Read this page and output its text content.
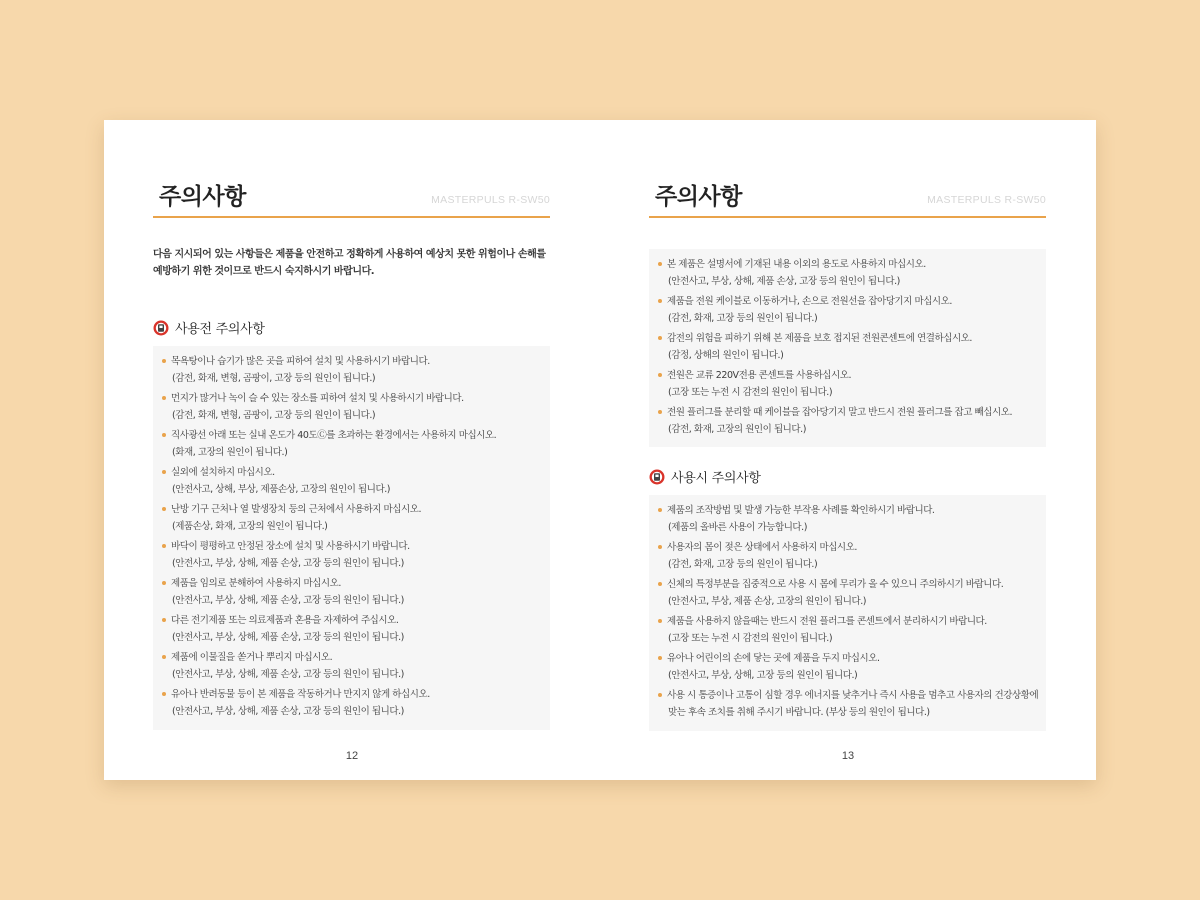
주의사항	MASTERPULS R-SW50
다음 지시되어 있는 사항들은 제품을 안전하고 정확하게 사용하여 예상치 못한 위험이나 손해를 예방하기 위한 것이므로 반드시 숙지하시기 바랍니다.
사용전 주의사항
목욕탕이나 습기가 많은 곳을 피하여 설치 및 사용하시기 바랍니다.
(감전, 화재, 변형, 곰팡이, 고장 등의 원인이 됩니다.)
먼지가 많거나 녹이 슬 수 있는 장소를 피하여 설치 및 사용하시기 바랍니다.
(감전, 화재, 변형, 곰팡이, 고장 등의 원인이 됩니다.)
직사광선 아래 또는 실내 온도가 40도Ⓒ를 초과하는 환경에서는 사용하지 마십시오.
(화재, 고장의 원인이 됩니다.)
실외에 설치하지 마십시오.
(안전사고, 상해, 부상, 제품손상, 고장의 원인이 됩니다.)
난방 기구 근처나 열 발생장치 등의 근처에서 사용하지 마십시오.
(제품손상, 화재, 고장의 원인이 됩니다.)
바닥이 평평하고 안정된 장소에 설치 및 사용하시기 바랍니다.
(안전사고, 부상, 상해, 제품 손상, 고장 등의 원인이 됩니다.)
제품을 임의로 분해하여 사용하지 마십시오.
(안전사고, 부상, 상해, 제품 손상, 고장 등의 원인이 됩니다.)
다른 전기제품 또는 의료제품과 혼용을 자제하여 주십시오.
(안전사고, 부상, 상해, 제품 손상, 고장 등의 원인이 됩니다.)
제품에 이물질을 쏟거나 뿌리지 마십시오.
(안전사고, 부상, 상해, 제품 손상, 고장 등의 원인이 됩니다.)
유아나 반려동물 등이 본 제품을 작동하거나 만지지 않게 하십시오.
(안전사고, 부상, 상해, 제품 손상, 고장 등의 원인이 됩니다.)
12
주의사항	MASTERPULS R-SW50
본 제품은 설명서에 기재된 내용 이외의 용도로 사용하지 마십시오.
(안전사고, 부상, 상해, 제품 손상, 고장 등의 원인이 됩니다.)
제품을 전원 케이블로 이동하거나, 손으로 전원선을 잡아당기지 마십시오.
(감전, 화재, 고장 등의 원인이 됩니다.)
감전의 위험을 피하기 위해 본 제품을 보호 접지된 전원콘센트에 연결하십시오.
(감정, 상해의 원인이 됩니다.)
전원은 교류 220V전용 콘센트를 사용하십시오.
(고장 또는 누전 시 감전의 원인이 됩니다.)
전원 플러그를 분리할 때 케이블을 잡아당기지 말고 반드시 전원 플러그를 잡고 빼십시오.
(감전, 화재, 고장의 원인이 됩니다.)
사용시 주의사항
제품의 조작방법 및 발생 가능한 부작용 사례를 확인하시기 바랍니다.
(제품의 올바른 사용이 가능합니다.)
사용자의 몸이 젖은 상태에서 사용하지 마십시오.
(감전, 화재, 고장 등의 원인이 됩니다.)
신체의 특정부분을 집중적으로 사용 시 몸에 무리가 올 수 있으니 주의하시기 바랍니다.
(안전사고, 부상, 제품 손상, 고장의 원인이 됩니다.)
제품을 사용하지 않을때는 반드시 전원 플러그를 콘센트에서 분리하시기 바랍니다.
(고장 또는 누전 시 감전의 원인이 됩니다.)
유아나 어린이의 손에 닿는 곳에 제품을 두지 마십시오.
(안전사고, 부상, 상해, 고장 등의 원인이 됩니다.)
사용 시 통증이나 고통이 심할 경우 에너지를 낮추거나 즉시 사용을 멈추고 사용자의 건강상황에
맞는 후속 조치를 취해 주시기 바랍니다. (부상 등의 원인이 됩니다.)
13
